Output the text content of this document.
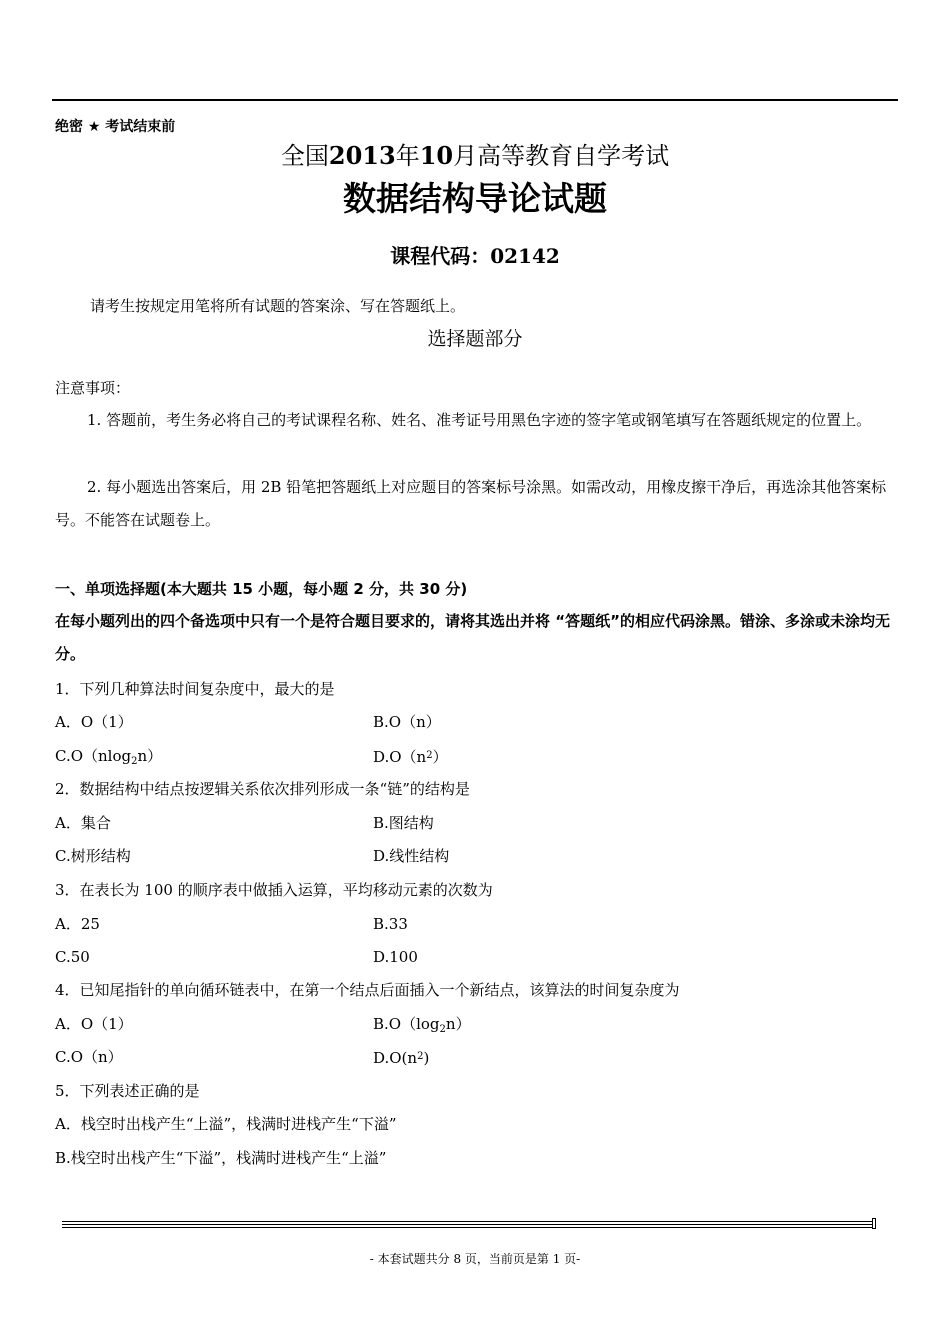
绝密 ★ 考试结束前
全国2013年10月高等教育自学考试
数据结构导论试题
课程代码：02142
请考生按规定用笔将所有试题的答案涂、写在答题纸上。
选择题部分
注意事项：
1. 答题前，考生务必将自己的考试课程名称、姓名、准考证号用黑色字迹的签字笔或钢笔填写在答题纸规定的位置上。
2. 每小题选出答案后，用 2B 铅笔把答题纸上对应题目的答案标号涂黑。如需改动，用橡皮擦干净后，再选涂其他答案标号。不能答在试题卷上。
一、单项选择题(本大题共 15 小题，每小题 2 分，共 30 分)
在每小题列出的四个备选项中只有一个是符合题目要求的，请将其选出并将 “答题纸”的相应代码涂黑。错涂、多涂或未涂均无分。
1．下列几种算法时间复杂度中，最大的是
A．O（1）	B.O（n）
C.O（nlog$_2$n）	$D.O(n^2)$
2．数据结构中结点按逻辑关系依次排列形成一条“链”的结构是
A．集合	B.图结构
C.树形结构	D.线性结构
3．在表长为 100 的顺序表中做插入运算，平均移动元素的次数为
A．25	B.33
C.50	D.100
4．已知尾指针的单向循环链表中，在第一个结点后面插入一个新结点，该算法的时间复杂度为
A．O（1）	$B.O(\log_2n)$
C.O（n）	$D.O(n^2)$
5．下列表述正确的是
A．栈空时出栈产生“上溢”，栈满时进栈产生“下溢”
B.栈空时出栈产生“下溢”，栈满时进栈产生“上溢”
- 本套试题共分 8 页，当前页是第 1 页-
